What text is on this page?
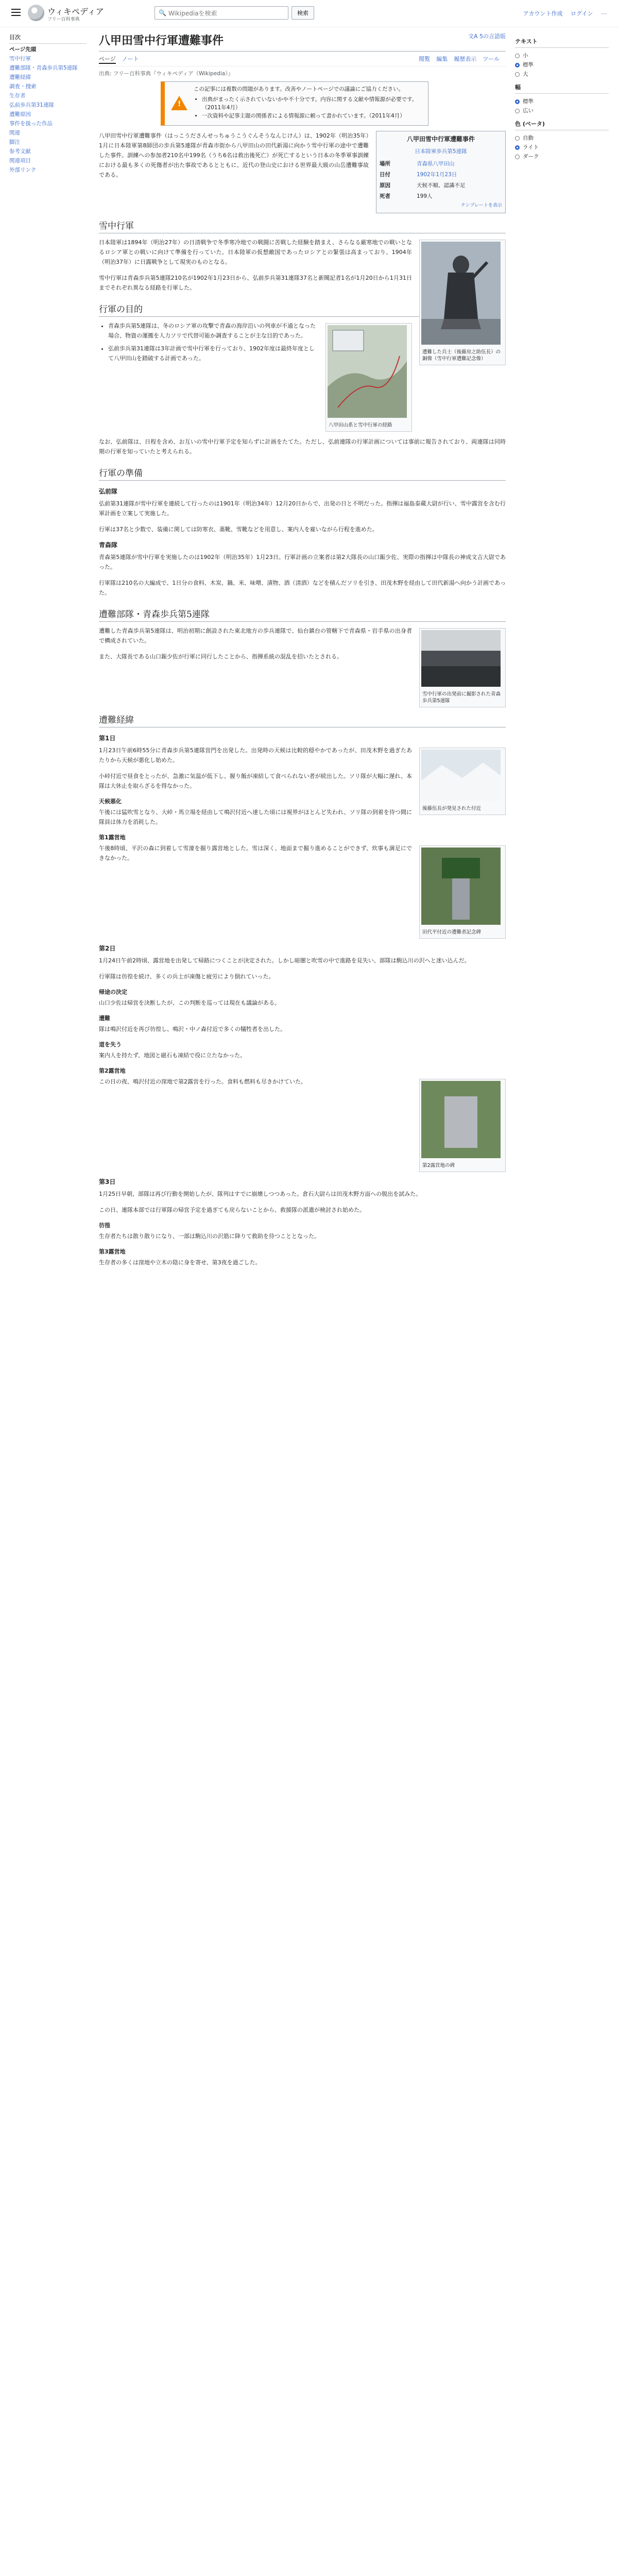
ウィキペディア
フリー百科事典
🔍
Wikipediaを検索	検索	アカウント作成 ログイン ⋯
目次
ページ先頭
雪中行軍
遭難部隊・青森歩兵第5連隊
遭難経緯
調査・捜索
生存者
弘前歩兵第31連隊
遭難原因
事件を扱った作品
関連
脚注
参考文献
関連項目
外部リンク
テキスト
小
標準
大
幅
標準
広い
色 (ベータ)
自動
ライト
ダーク
文A 5の言語版
八甲田雪中行軍遭難事件
ページ ノート	閲覧 編集 履歴表示 ツール
出典: フリー百科事典『ウィキペディア（Wikipedia）』
!
この記事には複数の問題があります。改善やノートページでの議論にご協力ください。
• 出典がまったく示されていないかや不十分です。内容に関する文献や情報源が必要です。（2011年4月）
• 一次資料や記事主題の関係者による情報源に頼って書かれています。（2011年4月）
八甲田雪中行軍遭難事件
日本陸軍歩兵第5連隊
場所	青森県八甲田山
日付	1902年1月23日
原因	天候不順、認識不足
死者	199人
テンプレートを表示

八甲田雪中行軍遭難事件（はっこうださんせっちゅうこうぐんそうなんじけん）は、1902年（明治35年）1月に日本陸軍第8師団の歩兵第5連隊が青森市街から八甲田山の田代新湯に向かう雪中行軍の途中で遭難した事件。訓練への参加者210名中199名（うち6名は救出後死亡）が死亡するという日本の冬季軍事訓練における最も多くの死傷者が出た事故であるとともに、近代の登山史における世界最大級の山岳遭難事故である。

雪中行軍
遭難した兵士（後藤房之助伍長）の銅像（雪中行軍遭難記念像）

日本陸軍は1894年（明治27年）の日清戦争で冬季寒冷地での戦闘に苦戦した経験を踏まえ、さらなる厳寒地での戦いとなるロシア軍との戦いに向けて準備を行っていた。日本陸軍の仮想敵国であったロシアとの緊張は高まっており、1904年（明治37年）に日露戦争として現実のものとなる。

雪中行軍は青森歩兵第5連隊210名が1902年1月23日から、弘前歩兵第31連隊37名と新聞記者1名が1月20日から1月31日までそれぞれ異なる経路を行軍した。

行軍の目的
八甲田山系と雪中行軍の経路
• 青森歩兵第5連隊は、冬のロシア軍の攻撃で青森の海岸沿いの列車が不通となった場合、物資の運搬を人力ソリで代替可能か調査することが主な目的であった。
• 弘前歩兵第31連隊は3年計画で雪中行軍を行っており、1902年度は最終年度として八甲田山を踏破する計画であった。

なお、弘前隊は、日程を含め、お互いの雪中行軍予定を知らずに計画をたてた。ただし、弘前連隊の行軍計画については事前に報告されており、両連隊は同時期の行軍を知っていたと考えられる。

行軍の準備
弘前隊

弘前第31連隊が雪中行軍を連続して行ったのは1901年（明治34年）12月20日からで、出発の日と不明だった。指揮は福島泰蔵大尉が行い、雪中露営を含む行軍計画を立案して実施した。

行軍は37名と少数で、装備に関しては防寒衣、藁靴、雪靴などを用意し、案内人を雇いながら行程を進めた。

青森隊

青森第5連隊が雪中行軍を実施したのは1902年（明治35年）1月23日。行軍計画の立案者は第2大隊長の山口鋠少佐、実際の指揮は中隊長の神成文吉大尉であった。

行軍隊は210名の大編成で、1日分の食料、木炭、鍋、米、味噌、漬物、酒（清酒）などを積んだソリを引き、田茂木野を経由して田代新湯へ向かう計画であった。

遭難部隊・青森歩兵第5連隊
雪中行軍の出発前に撮影された青森歩兵第5連隊

遭難した青森歩兵第5連隊は、明治初期に創設された東北地方の歩兵連隊で、仙台鎮台の管轄下で青森県・岩手県の出身者で構成されていた。

また、大隊長である山口鋠少佐が行軍に同行したことから、指揮系統の混乱を招いたとされる。

遭難経緯
第1日
後藤伍長が発見された付近

1月23日午前6時55分に青森歩兵第5連隊営門を出発した。出発時の天候は比較的穏やかであったが、田茂木野を過ぎたあたりから天候が悪化し始めた。

小峠付近で昼食をとったが、急激に気温が低下し、握り飯が凍結して食べられない者が続出した。ソリ隊が大幅に遅れ、本隊は大休止を取らざるを得なかった。

天候悪化

午後には猛吹雪となり、大峠・馬立場を経由して鳴沢付近へ達した頃には視界がほとんど失われ、ソリ隊の到着を待つ間に隊員は体力を消耗した。

第1露営地
田代平付近の遭難者記念碑

午後8時頃、平沢の森に到着して雪濠を掘り露営地とした。雪は深く、地面まで掘り進めることができず、炊事も満足にできなかった。

第2日

1月24日午前2時頃、露営地を出発して帰路につくことが決定された。しかし暗闇と吹雪の中で進路を見失い、部隊は駒込川の沢へと迷い込んだ。

行軍隊は彷徨を続け、多くの兵士が凍傷と疲労により倒れていった。

帰途の決定

山口少佐は帰営を決断したが、この判断を巡っては現在も議論がある。

遭難

隊は鳴沢付近を再び彷徨し、鳴沢・中ノ森付近で多くの犠牲者を出した。

道を失う

案内人を持たず、地図と磁石も凍結で役に立たなかった。

第2露営地
第2露営地の碑

この日の夜、鳴沢付近の窪地で第2露営を行った。食料も燃料も尽きかけていた。

第3日

1月25日早朝、部隊は再び行動を開始したが、隊列はすでに崩壊しつつあった。倉石大尉らは田茂木野方面への脱出を試みた。

この日、連隊本部では行軍隊の帰営予定を過ぎても戻らないことから、救援隊の派遣が検討され始めた。

彷徨

生存者たちは散り散りになり、一部は駒込川の沢筋に降りて救助を待つこととなった。

第3露営地

生存者の多くは窪地や立木の陰に身を寄せ、第3夜を過ごした。
